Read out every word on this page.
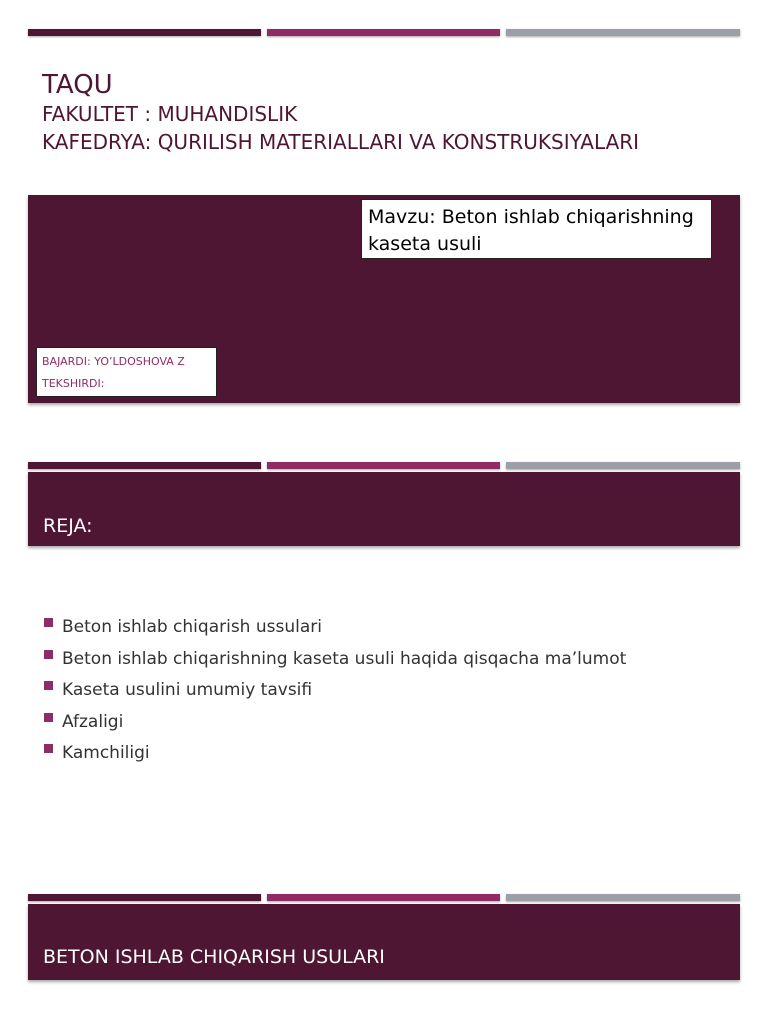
TAQU
FAKULTET : MUHANDISLIK
KAFEDRYA: QURILISH MATERIALLARI VA KONSTRUKSIYALARI
Mavzu: Beton ishlab chiqarishning kaseta usuli
BAJARDI: YO’LDOSHOVA Z
TEKSHIRDI:
REJA:
Beton ishlab chiqarish ussulari
Beton ishlab chiqarishning kaseta usuli haqida qisqacha ma’lumot
Kaseta usulini umumiy tavsifi
Afzaligi
Kamchiligi
BETON ISHLAB CHIQARISH USULARI
